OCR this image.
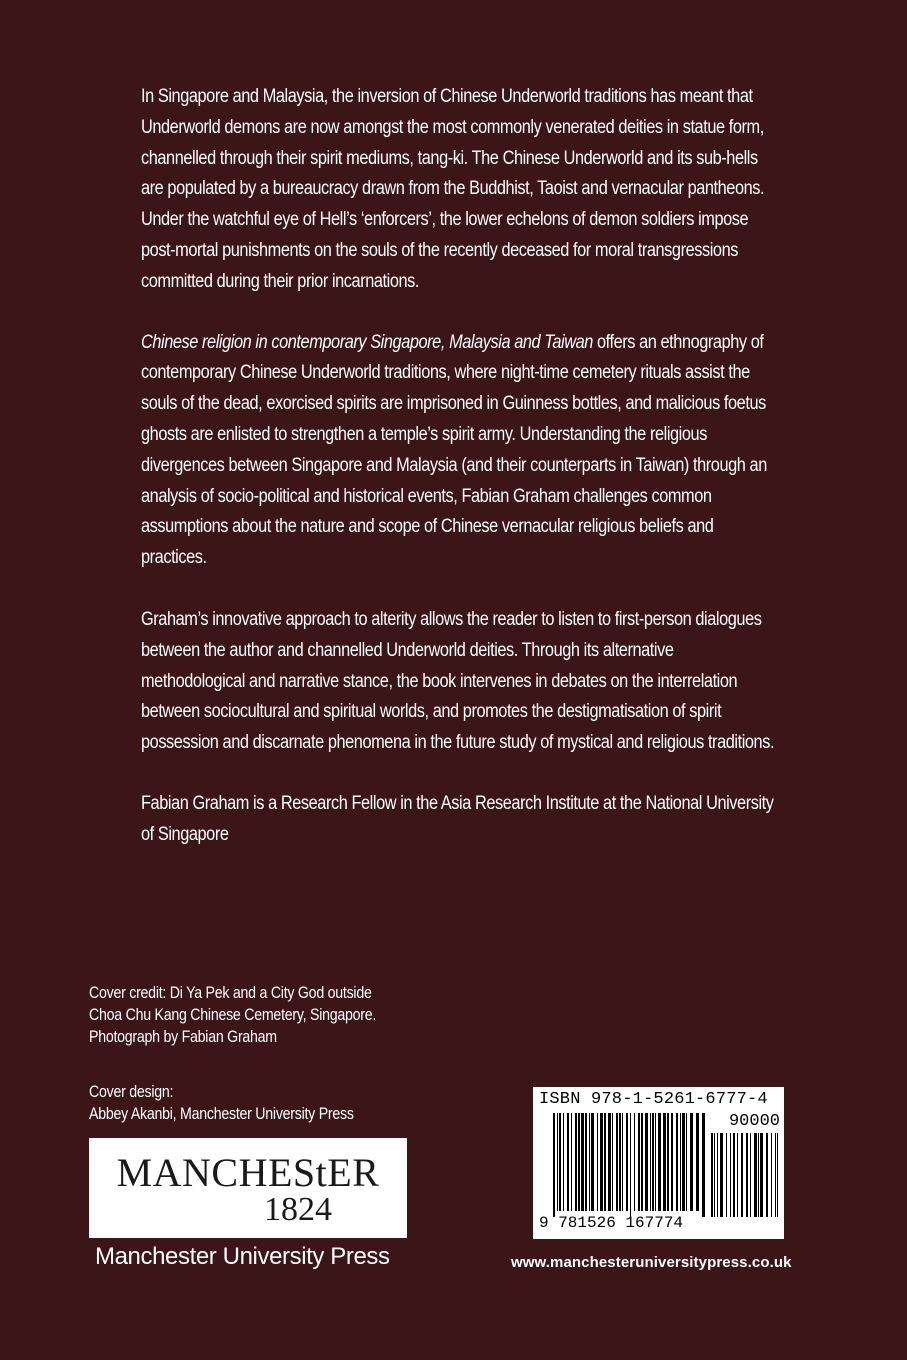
In Singapore and Malaysia, the inversion of Chinese Underworld traditions has meant that Underworld demons are now amongst the most commonly venerated deities in statue form, channelled through their spirit mediums, tang-ki. The Chinese Underworld and its sub-hells are populated by a bureaucracy drawn from the Buddhist, Taoist and vernacular pantheons. Under the watchful eye of Hell’s ‘enforcers’, the lower echelons of demon soldiers impose post-mortal punishments on the souls of the recently deceased for moral transgressions committed during their prior incarnations.

Chinese religion in contemporary Singapore, Malaysia and Taiwan offers an ethnography of contemporary Chinese Underworld traditions, where night-time cemetery rituals assist the souls of the dead, exorcised spirits are imprisoned in Guinness bottles, and malicious foetus ghosts are enlisted to strengthen a temple’s spirit army. Understanding the religious divergences between Singapore and Malaysia (and their counterparts in Taiwan) through an analysis of socio-political and historical events, Fabian Graham challenges common assumptions about the nature and scope of Chinese vernacular religious beliefs and practices.

Graham’s innovative approach to alterity allows the reader to listen to first-person dialogues between the author and channelled Underworld deities. Through its alternative methodological and narrative stance, the book intervenes in debates on the interrelation between sociocultural and spiritual worlds, and promotes the destigmatisation of spirit possession and discarnate phenomena in the future study of mystical and religious traditions.

Fabian Graham is a Research Fellow in the Asia Research Institute at the National University of Singapore

Cover credit: Di Ya Pek and a City God outside
Choa Chu Kang Chinese Cemetery, Singapore.
Photograph by Fabian Graham
Cover design:
Abbey Akanbi, Manchester University Press
MANCHEStER
1824
Manchester University Press
ISBN 978-1-5261-6777-4
90000
9 781526 167774
www.manchesteruniversitypress.co.uk
